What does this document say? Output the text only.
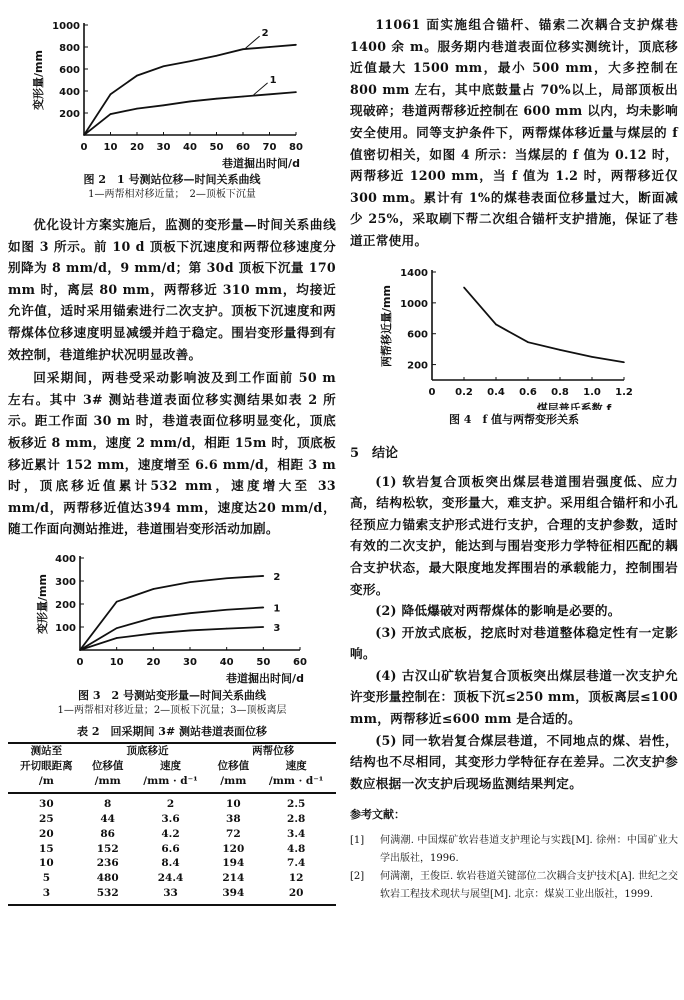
0 10 20 30 40 50 60 70 80
200
400
600
800
1000
巷道掘出时间/d
变形量/mm	1
2
图 2　1 号测站位移—时间关系曲线
1—两帮相对移近量；　2—顶板下沉量

优化设计方案实施后，监测的变形量—时间关系曲线如图 3 所示。前 10 d 顶板下沉速度和两帮位移速度分别降为 8 mm/d，9 mm/d；第 30d 顶板下沉量 170 mm 时，离层 80 mm，两帮移近 310 mm，均接近允许值，适时采用锚索进行二次支护。顶板下沉速度和两帮煤体位移速度明显减缓并趋于稳定。围岩变形量得到有效控制，巷道维护状况明显改善。

回采期间，两巷受采动影响波及到工作面前 50 m 左右。其中 3# 测站巷道表面位移实测结果如表 2 所示。距工作面 30 m 时，巷道表面位移明显变化，顶底板移近 8 mm，速度 2 mm/d，相距 15m 时，顶底板移近累计 152 mm，速度增至 6.6 mm/d，相距 3 m 时，顶底移近值累计532 mm，速度增大至 33 mm/d，两帮移近值达394 mm，速度达20 mm/d，随工作面向测站推进，巷道围岩变形活动加剧。

0	10 20 30 40 50 60
100
200
300
400
巷道掘出时间/d
变形量/mm	1
2
3
图 3　2 号测站变形量—时间关系曲线
1—两帮相对移近量；2—顶板下沉量；3—顶板离层
表 2　回采期间 3# 测站巷道表面位移
测站至	顶底移近		两帮位移	
开切眼距离	位移值	速度	位移值	速度
/m	/mm	/mm · d⁻¹	/mm	/mm · d⁻¹
30	8	2	10	2.5
25	44	3.6	38	2.8
20	86	4.2	72	3.4
15	152	6.6	120	4.8
10	236	8.4	194	7.4
5	480	24.4	214	12
3	532	33	394	20

11061 面实施组合锚杆、锚索二次耦合支护煤巷 1400 余 m。服务期内巷道表面位移实测统计，顶底移近值最大 1500 mm，最小 500 mm，大多控制在 800 mm 左右，其中底鼓量占 70%以上，局部顶板出现破碎；巷道两帮移近控制在 600 mm 以内，均未影响安全使用。同等支护条件下，两帮煤体移近量与煤层的 f 值密切相关，如图 4 所示：当煤层的 f 值为 0.12 时，两帮移近 1200 mm，当 f 值为 1.2 时，两帮移近仅 300 mm。累计有 1%的煤巷表面位移量过大，断面减少 25%，采取刷下帮二次组合锚杆支护措施，保证了巷道正常使用。

0 0.2 0.4 0.6 0.8 1.0 1.2
200
600
1000
1400
煤层普氏系数 f
两帮移近量/mm
图 4　f 值与两帮变形关系

5　结论

(1) 软岩复合顶板突出煤层巷道围岩强度低、应力高，结构松软，变形量大，难支护。采用组合锚杆和小孔径预应力锚索支护形式进行支护，合理的支护参数，适时有效的二次支护，能达到与围岩变形力学特征相匹配的耦合支护状态，最大限度地发挥围岩的承载能力，控制围岩变形。

(2) 降低爆破对两帮煤体的影响是必要的。

(3) 开放式底板，挖底时对巷道整体稳定性有一定影响。

(4) 古汉山矿软岩复合顶板突出煤层巷道一次支护允许变形量控制在：顶板下沉≤250 mm，顶板离层≤100 mm，两帮移近≤600 mm 是合适的。

(5) 同一软岩复合煤层巷道，不同地点的煤、岩性，结构也不尽相同，其变形力学特征存在差异。二次支护参数应根据一次支护后现场监测结果判定。

参考文献：

[1]	何满潮. 中国煤矿软岩巷道支护理论与实践[M]. 徐州：中国矿业大学出版社，1996.
[2]	何满潮，王俊臣. 软岩巷道关键部位二次耦合支护技术[A]. 世纪之交软岩工程技术现状与展望[M]. 北京：煤炭工业出版社，1999.
